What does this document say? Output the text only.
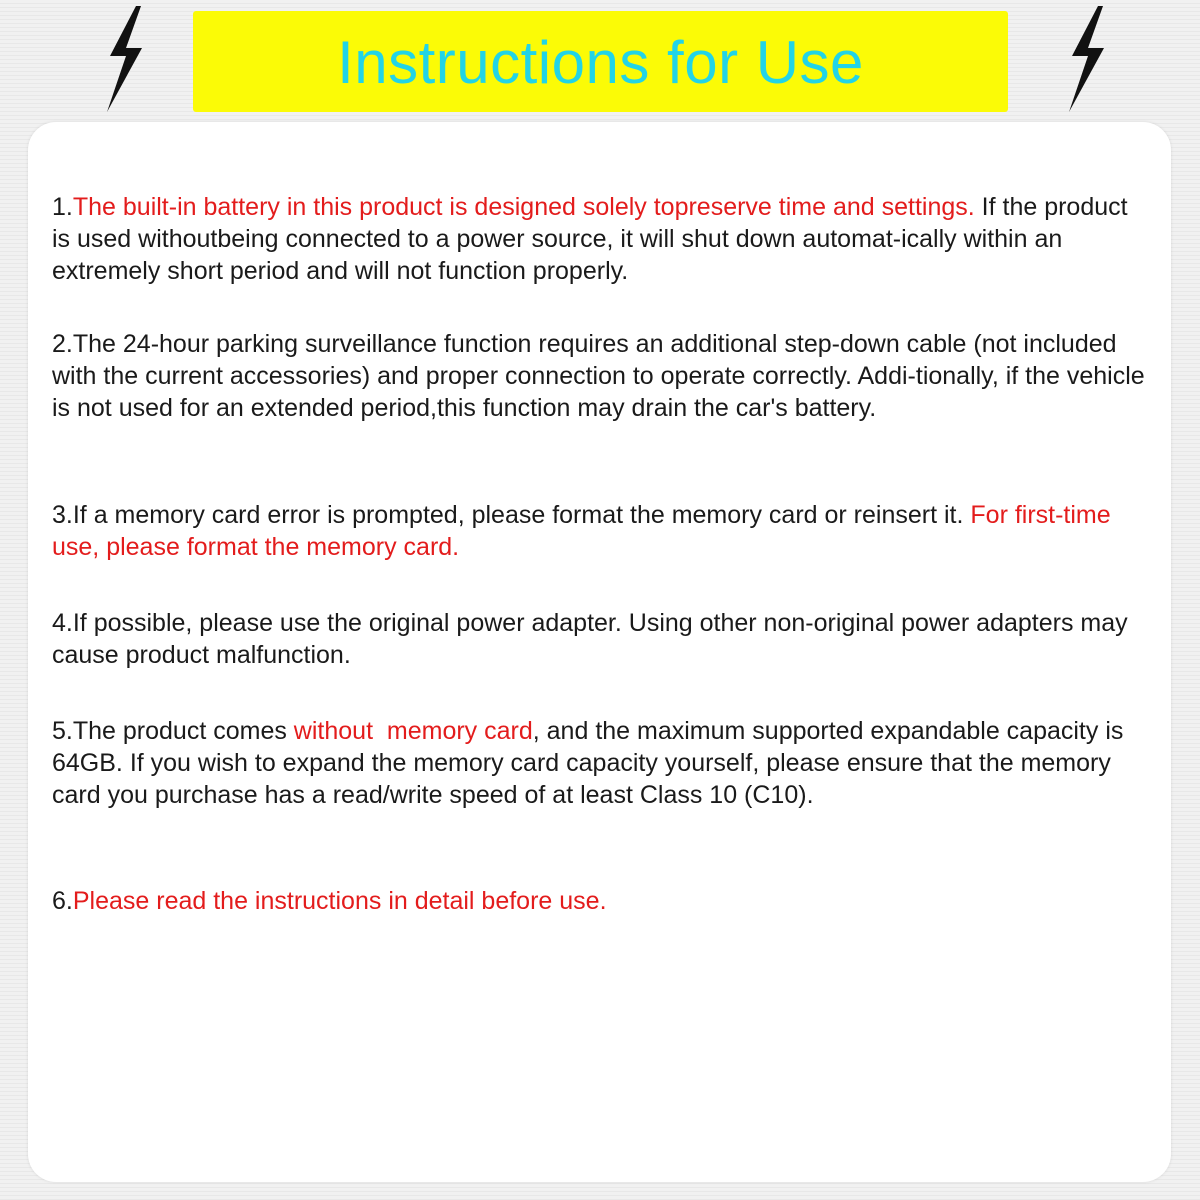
Instructions for Use

1.The built-in battery in this product is designed solely topreserve time and settings. If the product is used withoutbeing connected to a power source, it will shut down automat-ically within an extremely short period and will not function properly.

2.The 24-hour parking surveillance function requires an additional step-down cable (not included with the current accessories) and proper connection to operate correctly. Addi-tionally, if the vehicle is not used for an extended period,this function may drain the car's battery.

3.If a memory card error is prompted, please format the memory card or reinsert it. For first-time use, please format the memory card.

4.If possible, please use the original power adapter. Using other non-original power adapters may cause product malfunction.

5.The product comes without  memory card, and the maximum supported expandable capacity is 64GB. If you wish to expand the memory card capacity yourself, please ensure that the memory card you purchase has a read/write speed of at least Class 10 (C10).

6.Please read the instructions in detail before use.
